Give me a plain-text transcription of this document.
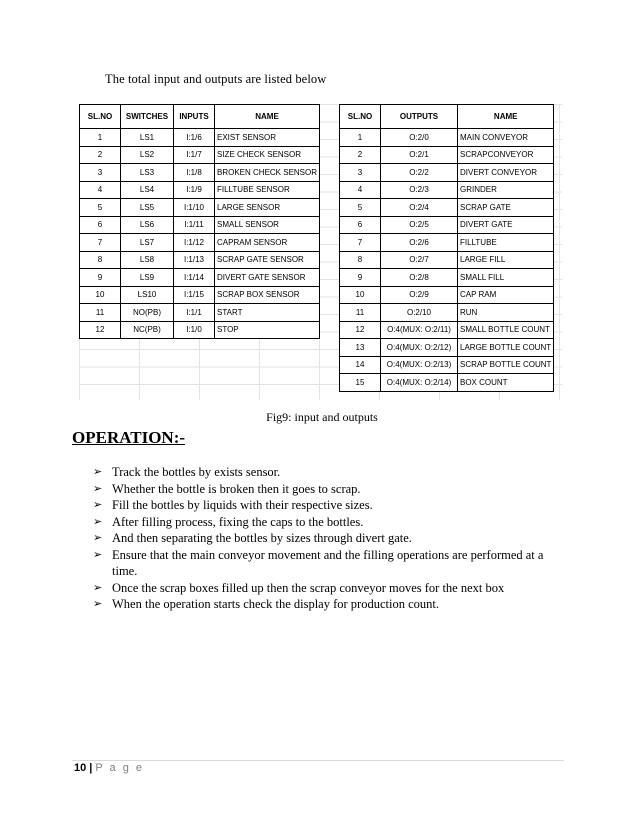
The total input and outputs are listed below
SL.NO	SWITCHES	INPUTS	NAME
1	LS1	I:1/6	EXIST SENSOR
2	LS2	I:1/7	SIZE CHECK SENSOR
3	LS3	I:1/8	BROKEN CHECK SENSOR
4	LS4	I:1/9	FILLTUBE SENSOR
5	LS5	I:1/10	LARGE SENSOR
6	LS6	I:1/11	SMALL SENSOR
7	LS7	I:1/12	CAPRAM SENSOR
8	LS8	I:1/13	SCRAP GATE SENSOR
9	LS9	I:1/14	DIVERT GATE SENSOR
10	LS10	I:1/15	SCRAP BOX SENSOR
11	NO(PB)	I:1/1	START
12	NC(PB)	I:1/0	STOP
SL.NO	OUTPUTS	NAME
1	O:2/0	MAIN CONVEYOR
2	O:2/1	SCRAPCONVEYOR
3	O:2/2	DIVERT CONVEYOR
4	O:2/3	GRINDER
5	O:2/4	SCRAP GATE
6	O:2/5	DIVERT GATE
7	O:2/6	FILLTUBE
8	O:2/7	LARGE FILL
9	O:2/8	SMALL FILL
10	O:2/9	CAP RAM
11	O:2/10	RUN
12	O:4(MUX: O:2/11)	SMALL BOTTLE COUNT
13	O:4(MUX: O:2/12)	LARGE BOTTLE COUNT
14	O:4(MUX: O:2/13)	SCRAP BOTTLE COUNT
15	O:4(MUX: O:2/14)	BOX COUNT
Fig9: input and outputs
OPERATION:-
➢ Track the bottles by exists sensor.
➢ Whether the bottle is broken then it goes to scrap.
➢ Fill the bottles by liquids with their respective sizes.
➢ After filling process, fixing the caps to the bottles.
➢ And then separating the bottles by sizes through divert gate.
➢ Ensure that the main conveyor movement and the filling operations are performed at a time.
➢ Once the scrap boxes filled up then the scrap conveyor moves for the next box
➢ When the operation starts check the display for production count.
10 | P a g e
